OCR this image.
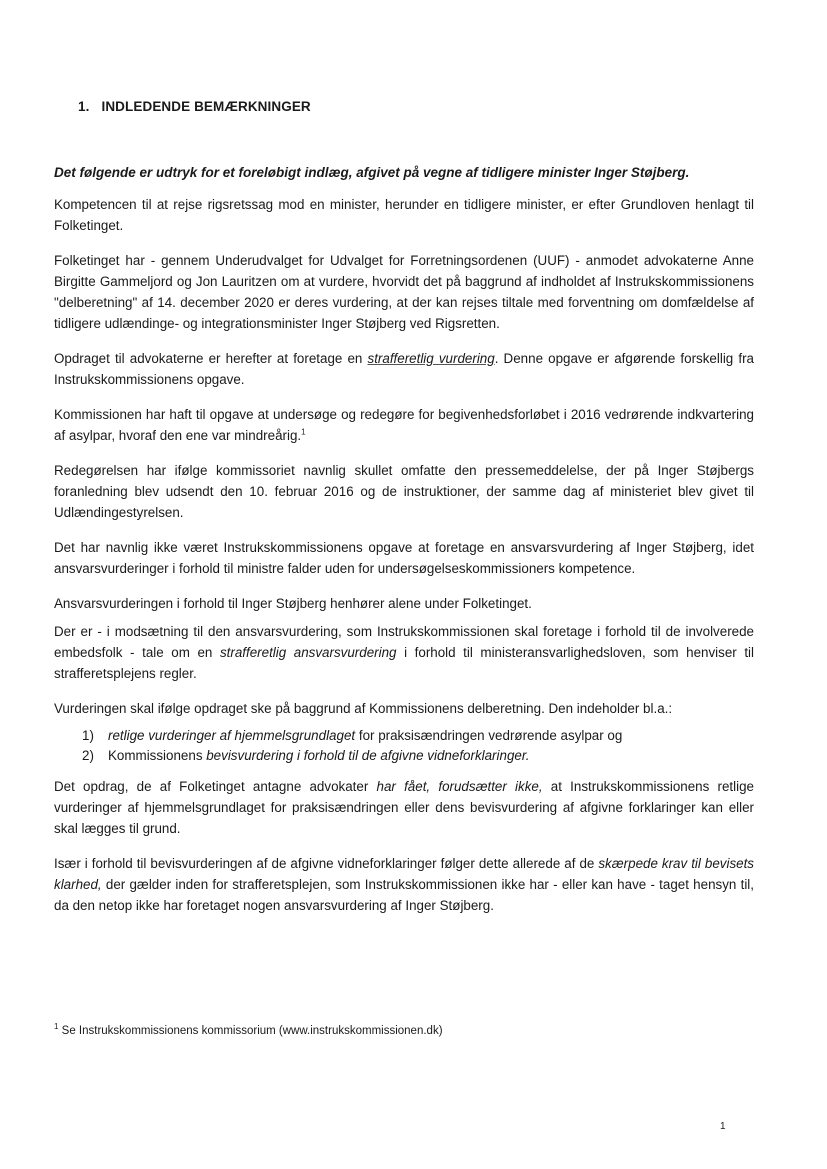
1. INDLEDENDE BEMÆRKNINGER
Det følgende er udtryk for et foreløbigt indlæg, afgivet på vegne af tidligere minister Inger Støjberg.

Kompetencen til at rejse rigsretssag mod en minister, herunder en tidligere minister, er efter Grundloven henlagt til Folketinget.

Folketinget har - gennem Underudvalget for Udvalget for Forretningsordenen (UUF) - anmodet advokaterne Anne Birgitte Gammeljord og Jon Lauritzen om at vurdere, hvorvidt det på baggrund af indholdet af Instrukskommissionens "delberetning" af 14. december 2020 er deres vurdering, at der kan rejses tiltale med forventning om domfældelse af tidligere udlændinge- og integrationsminister Inger Støjberg ved Rigsretten.

Opdraget til advokaterne er herefter at foretage en strafferetlig vurdering. Denne opgave er afgørende forskellig fra Instrukskommissionens opgave.

Kommissionen har haft til opgave at undersøge og redegøre for begivenhedsforløbet i 2016 vedrørende indkvartering af asylpar, hvoraf den ene var mindreårig.$^1$

Redegørelsen har ifølge kommissoriet navnlig skullet omfatte den pressemeddelelse, der på Inger Støjbergs foranledning blev udsendt den 10. februar 2016 og de instruktioner, der samme dag af ministeriet blev givet til Udlændingestyrelsen.

Det har navnlig ikke været Instrukskommissionens opgave at foretage en ansvarsvurdering af Inger Støjberg, idet ansvarsvurderinger i forhold til ministre falder uden for undersøgelseskommissioners kompetence.

Ansvarsvurderingen i forhold til Inger Støjberg henhører alene under Folketinget.

Der er - i modsætning til den ansvarsvurdering, som Instrukskommissionen skal foretage i forhold til de involverede embedsfolk - tale om en strafferetlig ansvarsvurdering i forhold til ministeransvarlighedsloven, som henviser til strafferetsplejens regler.

Vurderingen skal ifølge opdraget ske på baggrund af Kommissionens delberetning. Den indeholder bl.a.:

1) retlige vurderinger af hjemmelsgrundlaget for praksisændringen vedrørende asylpar og
2) Kommissionens bevisvurdering i forhold til de afgivne vidneforklaringer.

Det opdrag, de af Folketinget antagne advokater har fået, forudsætter ikke, at Instrukskommissionens retlige vurderinger af hjemmelsgrundlaget for praksisændringen eller dens bevisvurdering af afgivne forklaringer kan eller skal lægges til grund.

Især i forhold til bevisvurderingen af de afgivne vidneforklaringer følger dette allerede af de skærpede krav til bevisets klarhed, der gælder inden for strafferetsplejen, som Instrukskommissionen ikke har - eller kan have - taget hensyn til, da den netop ikke har foretaget nogen ansvarsvurdering af Inger Støjberg.

$^1$ Se Instrukskommissionens kommissorium (www.instrukskommissionen.dk)
1
